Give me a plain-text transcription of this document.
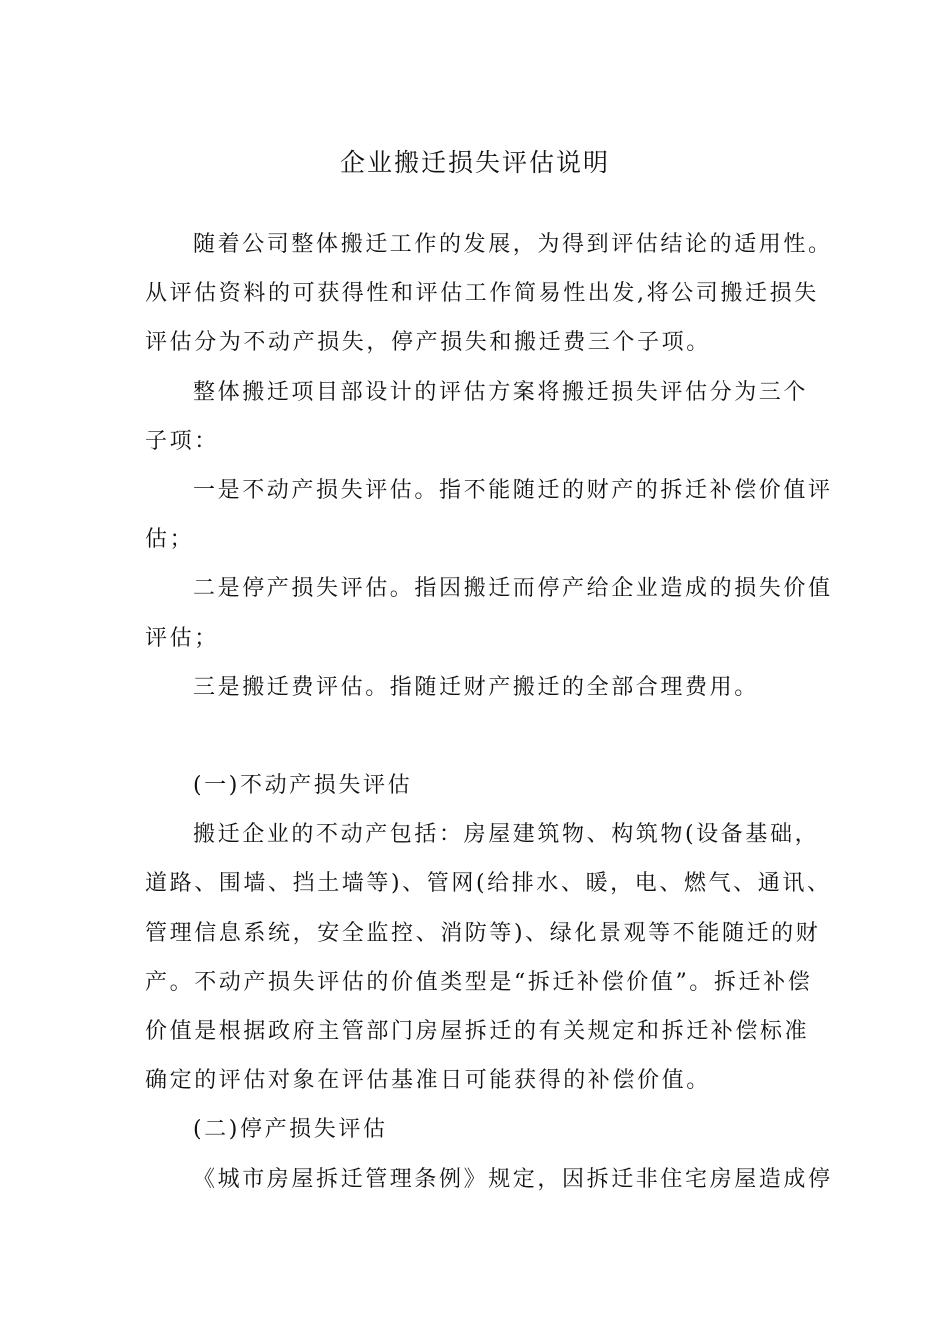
企业搬迁损失评估说明
随着公司整体搬迁工作的发展，为得到评估结论的适用性。
从评估资料的可获得性和评估工作简易性出发,将公司搬迁损失
评估分为不动产损失，停产损失和搬迁费三个子项。
整体搬迁项目部设计的评估方案将搬迁损失评估分为三个
子项：
一是不动产损失评估。指不能随迁的财产的拆迁补偿价值评
估；
二是停产损失评估。指因搬迁而停产给企业造成的损失价值
评估；
三是搬迁费评估。指随迁财产搬迁的全部合理费用。
(一)不动产损失评估
搬迁企业的不动产包括：房屋建筑物、构筑物(设备基础，
道路、围墙、挡土墙等)、管网(给排水、暖，电、燃气、通讯、
管理信息系统，安全监控、消防等)、绿化景观等不能随迁的财
产。不动产损失评估的价值类型是“拆迁补偿价值”。拆迁补偿
价值是根据政府主管部门房屋拆迁的有关规定和拆迁补偿标准
确定的评估对象在评估基准日可能获得的补偿价值。
(二)停产损失评估
《城市房屋拆迁管理条例》规定，因拆迁非住宅房屋造成停
